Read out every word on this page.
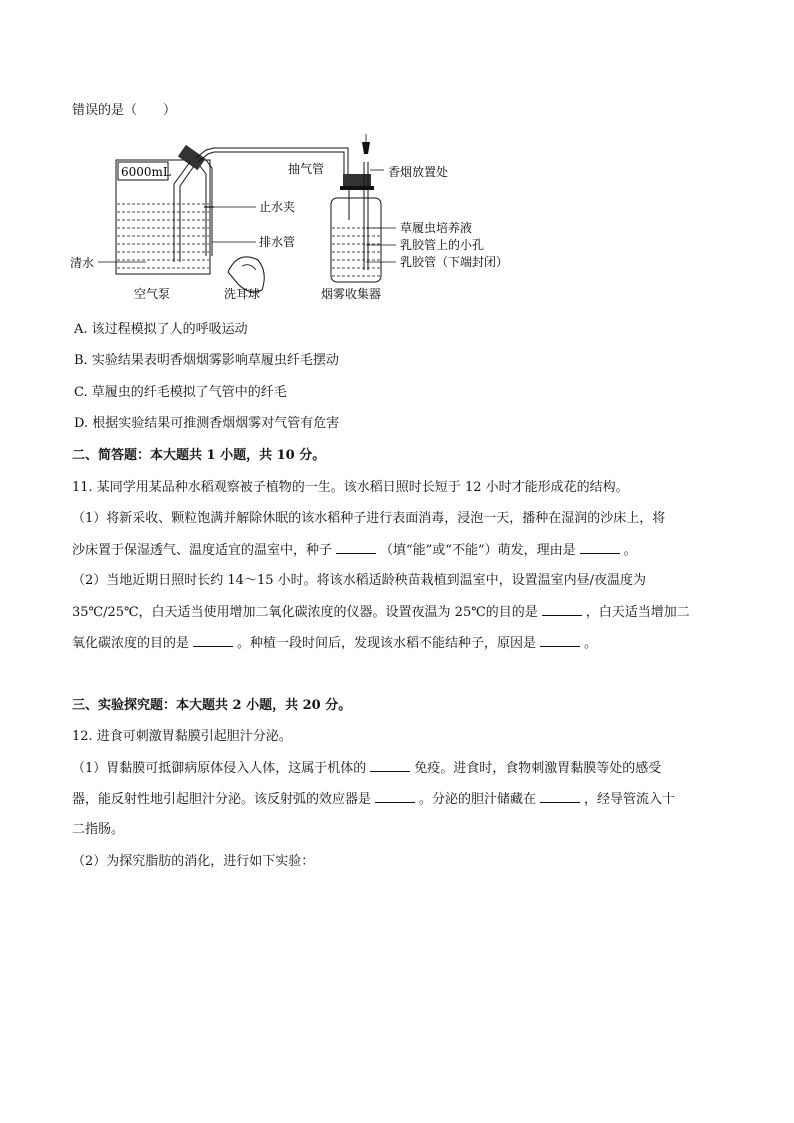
错误的是（　　）
6000mL
止水夹
排水管
清水
空气泵	洗耳球
抽气管	香烟放置处
草履虫培养液
乳胶管上的小孔
乳胶管（下端封闭）
烟雾收集器
A. 该过程模拟了人的呼吸运动
B. 实验结果表明香烟烟雾影响草履虫纤毛摆动
C. 草履虫的纤毛模拟了气管中的纤毛
D. 根据实验结果可推测香烟烟雾对气管有危害
二、简答题：本大题共 1 小题，共 10 分。
11. 某同学用某品种水稻观察被子植物的一生。该水稻日照时长短于 12 小时才能形成花的结构。
（1）将新采收、颗粒饱满并解除休眠的该水稻种子进行表面消毒，浸泡一天，播种在湿润的沙床上，将
沙床置于保湿透气、温度适宜的温室中，种子	（填“能”或“不能”）萌发，理由是	。
（2）当地近期日照时长约 14～15 小时。将该水稻适龄秧苗栽植到温室中，设置温室内昼/夜温度为
35℃/25℃，白天适当使用增加二氧化碳浓度的仪器。设置夜温为 25℃的目的是	，白天适当增加二
氧化碳浓度的目的是	。种植一段时间后，发现该水稻不能结种子，原因是	。
三、实验探究题：本大题共 2 小题，共 20 分。
12. 进食可刺激胃黏膜引起胆汁分泌。
（1）胃黏膜可抵御病原体侵入人体，这属于机体的	免疫。进食时，食物刺激胃黏膜等处的感受
器，能反射性地引起胆汁分泌。该反射弧的效应器是	。分泌的胆汁储藏在	，经导管流入十
二指肠。
（2）为探究脂肪的消化，进行如下实验：
